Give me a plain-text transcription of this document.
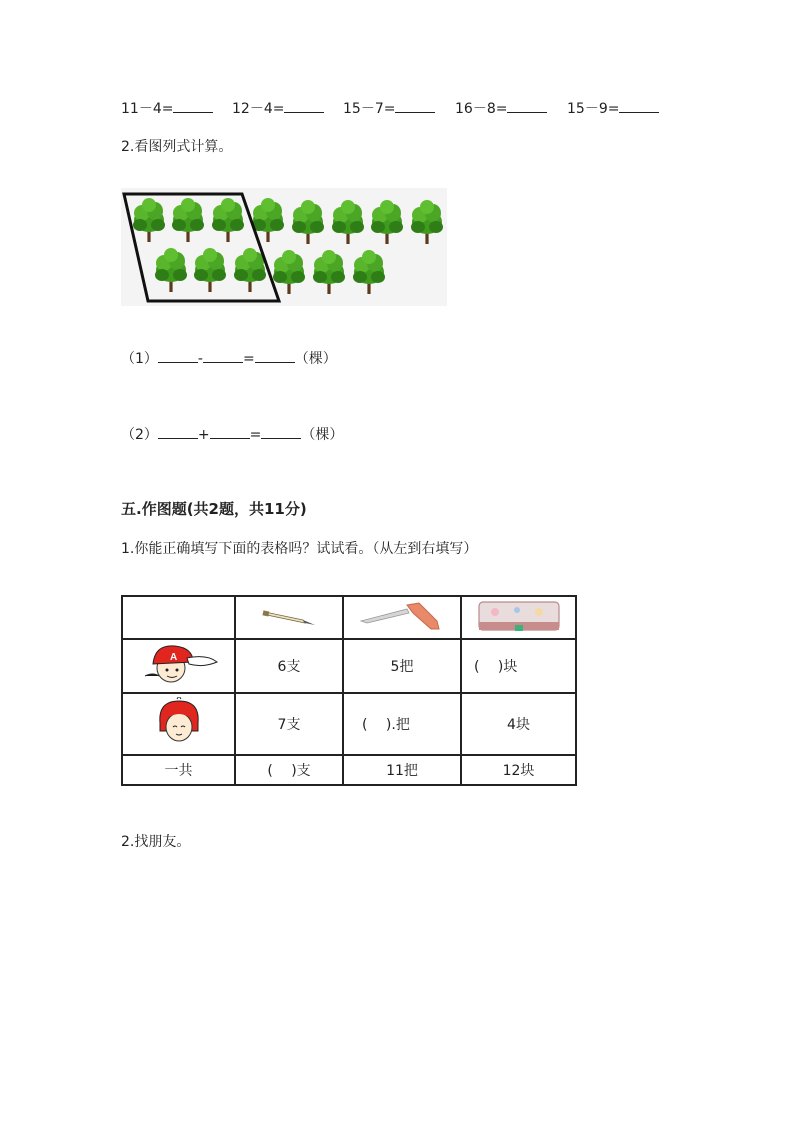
11－4=	12－4=	15－7=	16－8=	15－9=
2.看图列式计算。
（1）	-	=	（棵）
（2）	+	=	（棵）
五.作图题(共2题，共11分)
1.你能正确填写下面的表格吗？试试看。（从左到右填写）

A	6支	5把	(　 )块
	7支	(　 ).把	4块
一共	(　 )支	11把	12块
2.找朋友。
